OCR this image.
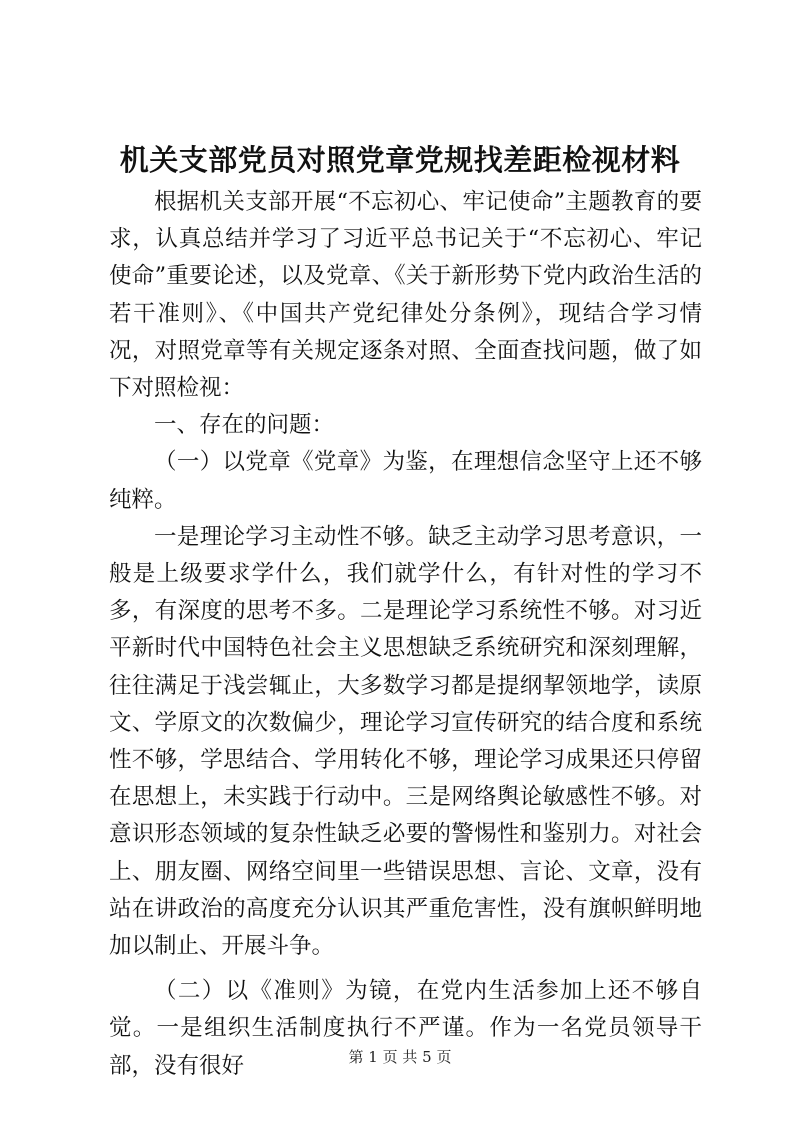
机关支部党员对照党章党规找差距检视材料

根据机关支部开展“不忘初心、牢记使命”主题教育的要求，认真总结并学习了习近平总书记关于“不忘初心、牢记使命”重要论述，以及党章、《关于新形势下党内政治生活的若干准则》、《中国共产党纪律处分条例》，现结合学习情况，对照党章等有关规定逐条对照、全面查找问题，做了如下对照检视：

一、存在的问题：

（一）以党章《党章》为鉴，在理想信念坚守上还不够纯粹。

一是理论学习主动性不够。缺乏主动学习思考意识，一般是上级要求学什么，我们就学什么，有针对性的学习不多，有深度的思考不多。二是理论学习系统性不够。对习近平新时代中国特色社会主义思想缺乏系统研究和深刻理解，往往满足于浅尝辄止，大多数学习都是提纲挈领地学，读原文、学原文的次数偏少，理论学习宣传研究的结合度和系统性不够，学思结合、学用转化不够，理论学习成果还只停留在思想上，未实践于行动中。三是网络舆论敏感性不够。对意识形态领域的复杂性缺乏必要的警惕性和鉴别力。对社会上、朋友圈、网络空间里一些错误思想、言论、文章，没有站在讲政治的高度充分认识其严重危害性，没有旗帜鲜明地加以制止、开展斗争。

（二）以《准则》为镜，在党内生活参加上还不够自觉。一是组织生活制度执行不严谨。作为一名党员领导干部，没有很好	第 1 页 共 5 页
